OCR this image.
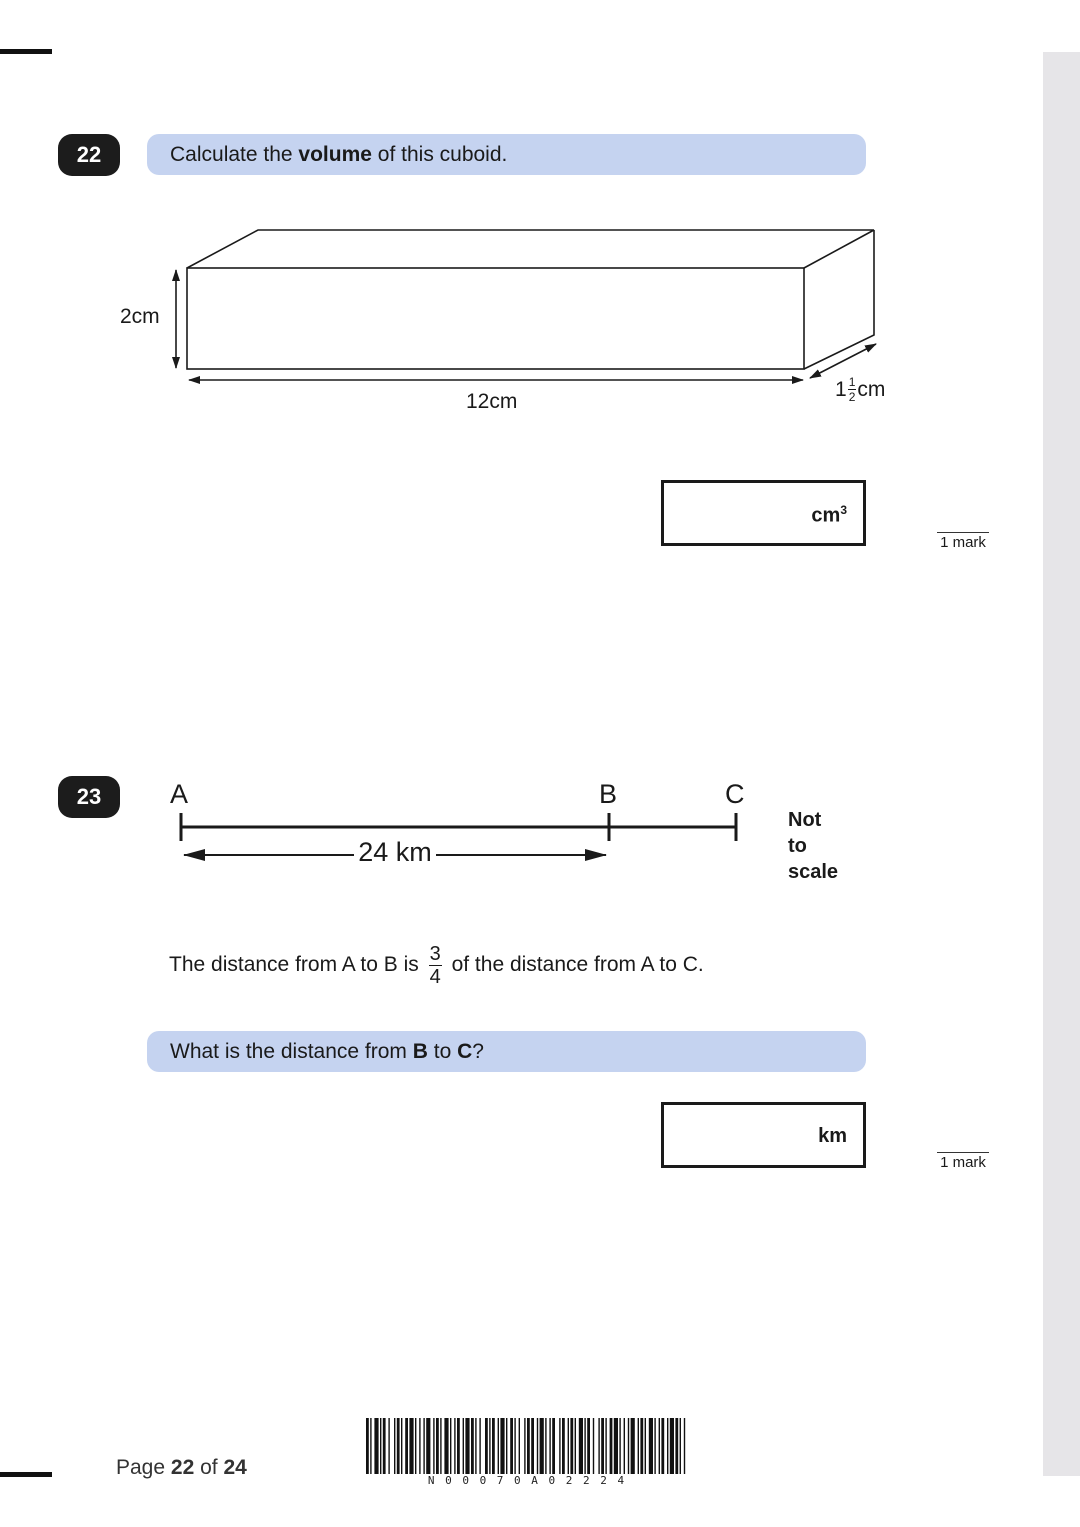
22	Calculate the volume of this cuboid.
2cm
12cm
$1 \frac{1}{2}$ cm
$cm^3$
1 mark
23	A	B	C
24 km
Not
to
scale
The distance from A to B is $\frac{3}{4}$ of the distance from A to C.
What is the distance from B to C ?
km
1 mark
Page 22 of 24
N 0 0 0 7 0 A 0 2 2 2 4
